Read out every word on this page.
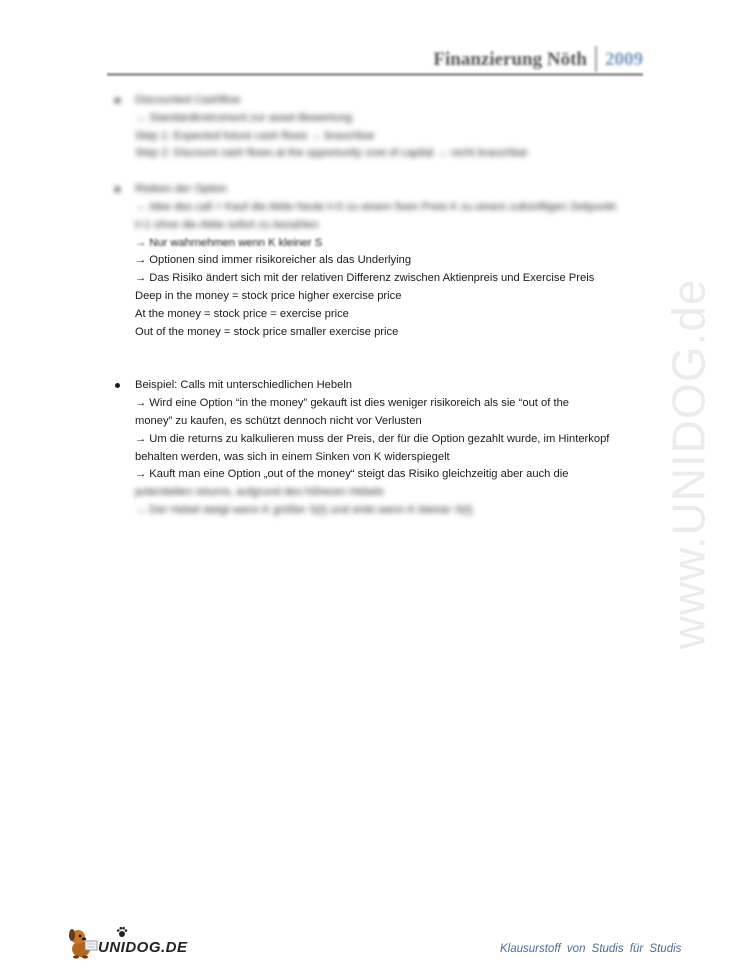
Finanzierung Nöth 2009
www.UNIDOG.de
Discounted Cashflow
→ Standardinstrument zur asset Bewertung
Step 1: Expected future cash flows → brauchbar
Step 2: Discount cash flows at the opportunity cost of capital → nicht brauchbar
Risiken der Option
→ Idee des call = Kauf die Aktie heute t=0 zu einem fixen Preis K zu einem zukünftigen Zeitpunkt
t=1 ohne die Aktie sofort zu bezahlen
→ Nur wahrnehmen wenn K kleiner S
→ Optionen sind immer risikoreicher als das Underlying
→ Das Risiko ändert sich mit der relativen Differenz zwischen Aktienpreis und Exercise Preis
Deep in the money = stock price higher exercise price
At the money = stock price = exercise price
Out of the money = stock price smaller exercise price
Beispiel: Calls mit unterschiedlichen Hebeln
→ Wird eine Option “in the money” gekauft ist dies weniger risikoreich als sie “out of the
money” zu kaufen, es schützt dennoch nicht vor Verlusten
→ Um die returns zu kalkulieren muss der Preis, der für die Option gezahlt wurde, im Hinterkopf
behalten werden, was sich in einem Sinken von K widerspiegelt
→ Kauft man eine Option „out of the money“ steigt das Risiko gleichzeitig aber auch die
potentiellen returns, aufgrund des höheren Hebels
→ Der Hebel steigt wenn K größer S(t) und sinkt wenn K kleiner S(t)
UNIDOG.DE	Klausurstoff von Studis für Studis
